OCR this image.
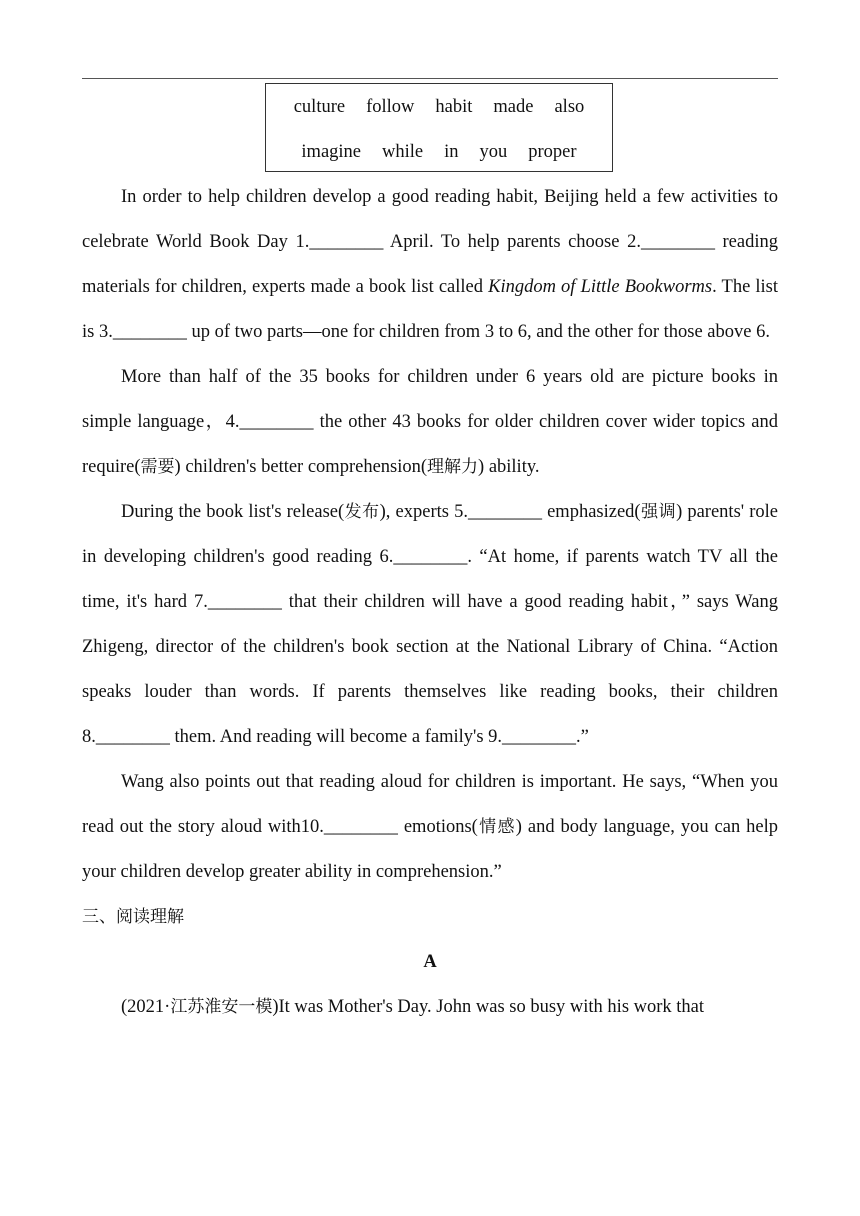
culture follow habit made also
imagine while in you proper

In order to help children develop a good reading habit, Beijing held a few activities to celebrate World Book Day 1.________ April. To help parents choose 2.________ reading materials for children, experts made a book list called Kingdom of Little Bookworms. The list is 3.________ up of two parts—one for children from 3 to 6, and the other for those above 6.

More than half of the 35 books for children under 6 years old are picture books in simple language，4.________ the other 43 books for older children cover wider topics and require(需要) children's better comprehension(理解力) ability.

During the book list's release(发布), experts 5.________ emphasized(强调) parents' role in developing children's good reading 6.________. “At home, if parents watch TV all the time, it's hard 7.________ that their children will have a good reading habit，” says Wang Zhigeng, director of the children's book section at the National Library of China. “Action speaks louder than words. If parents themselves like reading books, their children 8.________ them. And reading will become a family's 9.________.”

Wang also points out that reading aloud for children is important. He says, “When you read out the story aloud with10.________ emotions(情感) and body language, you can help your children develop greater ability in comprehension.”

三、阅读理解

A

(2021·江苏淮安一模)It was Mother's Day. John was so busy with his work that
